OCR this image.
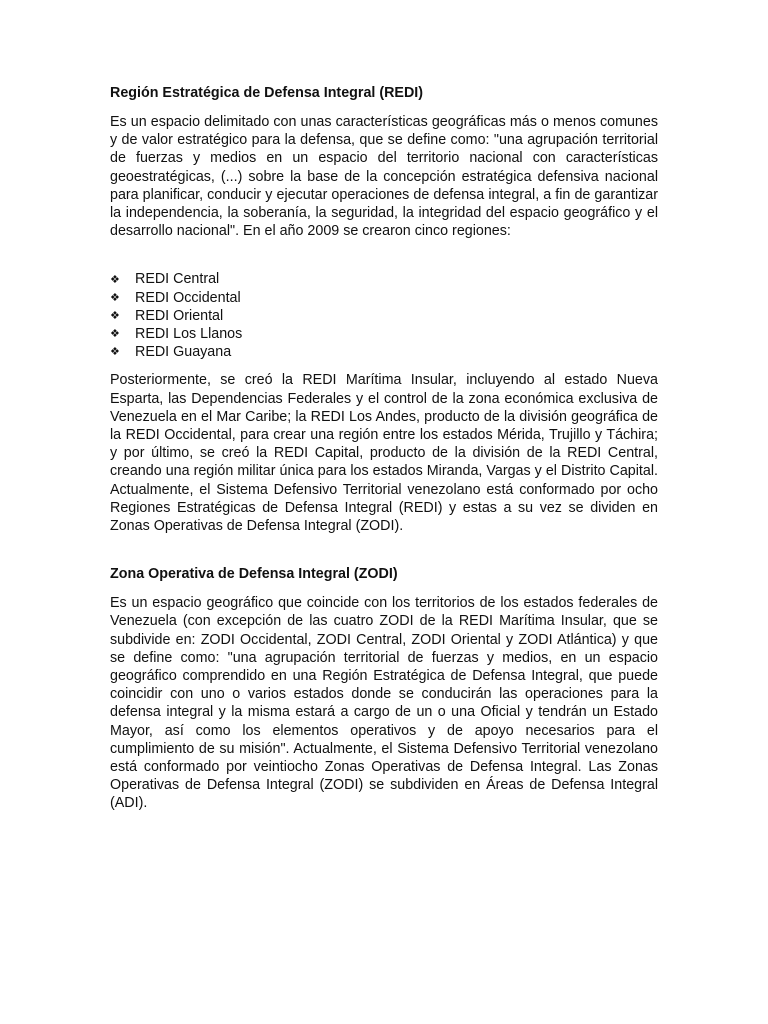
Región Estratégica de Defensa Integral (REDI)

Es un espacio delimitado con unas características geográficas más o menos comunes y de valor estratégico para la defensa, que se define como: "una agrupación territorial de fuerzas y medios en un espacio del territorio nacional con características geoestratégicas, (...) sobre la base de la concepción estratégica defensiva nacional para planificar, conducir y ejecutar operaciones de defensa integral, a fin de garantizar la independencia, la soberanía, la seguridad, la integridad del espacio geográfico y el desarrollo nacional". En el año 2009 se crearon cinco regiones:

❖ REDI Central
❖ REDI Occidental
❖ REDI Oriental
❖ REDI Los Llanos
❖ REDI Guayana

Posteriormente, se creó la REDI Marítima Insular, incluyendo al estado Nueva Esparta, las Dependencias Federales y el control de la zona económica exclusiva de Venezuela en el Mar Caribe; la REDI Los Andes, producto de la división geográfica de la REDI Occidental, para crear una región entre los estados Mérida, Trujillo y Táchira; y por último, se creó la REDI Capital, producto de la división de la REDI Central, creando una región militar única para los estados Miranda, Vargas y el Distrito Capital. Actualmente, el Sistema Defensivo Territorial venezolano está conformado por ocho Regiones Estratégicas de Defensa Integral (REDI) y estas a su vez se dividen en Zonas Operativas de Defensa Integral (ZODI).

Zona Operativa de Defensa Integral (ZODI)

Es un espacio geográfico que coincide con los territorios de los estados federales de Venezuela (con excepción de las cuatro ZODI de la REDI Marítima Insular, que se subdivide en: ZODI Occidental, ZODI Central, ZODI Oriental y ZODI Atlántica) y que se define como: "una agrupación territorial de fuerzas y medios, en un espacio geográfico comprendido en una Región Estratégica de Defensa Integral, que puede coincidir con uno o varios estados donde se conducirán las operaciones para la defensa integral y la misma estará a cargo de un o una Oficial y tendrán un Estado Mayor, así como los elementos operativos y de apoyo necesarios para el cumplimiento de su misión". Actualmente, el Sistema Defensivo Territorial venezolano está conformado por veintiocho Zonas Operativas de Defensa Integral. Las Zonas Operativas de Defensa Integral (ZODI) se subdividen en Áreas de Defensa Integral (ADI).
